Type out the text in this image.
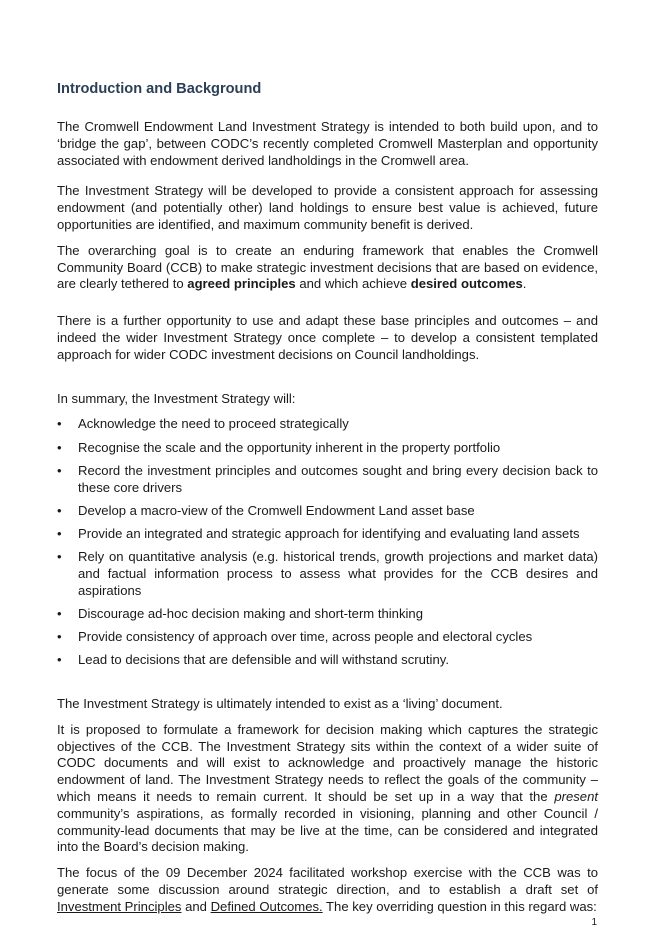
Introduction and Background

The Cromwell Endowment Land Investment Strategy is intended to both build upon, and to ‘bridge the gap’, between CODC’s recently completed Cromwell Masterplan and opportunity associated with endowment derived landholdings in the Cromwell area.

The Investment Strategy will be developed to provide a consistent approach for assessing endowment (and potentially other) land holdings to ensure best value is achieved, future opportunities are identified, and maximum community benefit is derived.

The overarching goal is to create an enduring framework that enables the Cromwell Community Board (CCB) to make strategic investment decisions that are based on evidence, are clearly tethered to agreed principles and which achieve desired outcomes.

There is a further opportunity to use and adapt these base principles and outcomes – and indeed the wider Investment Strategy once complete – to develop a consistent templated approach for wider CODC investment decisions on Council landholdings.

In summary, the Investment Strategy will:

• Acknowledge the need to proceed strategically
• Recognise the scale and the opportunity inherent in the property portfolio
• Record the investment principles and outcomes sought and bring every decision back to these core drivers
• Develop a macro-view of the Cromwell Endowment Land asset base
• Provide an integrated and strategic approach for identifying and evaluating land assets
• Rely on quantitative analysis (e.g. historical trends, growth projections and market data) and factual information process to assess what provides for the CCB desires and aspirations
• Discourage ad-hoc decision making and short-term thinking
• Provide consistency of approach over time, across people and electoral cycles
• Lead to decisions that are defensible and will withstand scrutiny.

The Investment Strategy is ultimately intended to exist as a ‘living’ document.

It is proposed to formulate a framework for decision making which captures the strategic objectives of the CCB. The Investment Strategy sits within the context of a wider suite of CODC documents and will exist to acknowledge and proactively manage the historic endowment of land. The Investment Strategy needs to reflect the goals of the community – which means it needs to remain current. It should be set up in a way that the present community’s aspirations, as formally recorded in visioning, planning and other Council / community-lead documents that may be live at the time, can be considered and integrated into the Board’s decision making.

The focus of the 09 December 2024 facilitated workshop exercise with the CCB was to generate some discussion around strategic direction, and to establish a draft set of Investment Principles and Defined Outcomes. The key overriding question in this regard was:

1
